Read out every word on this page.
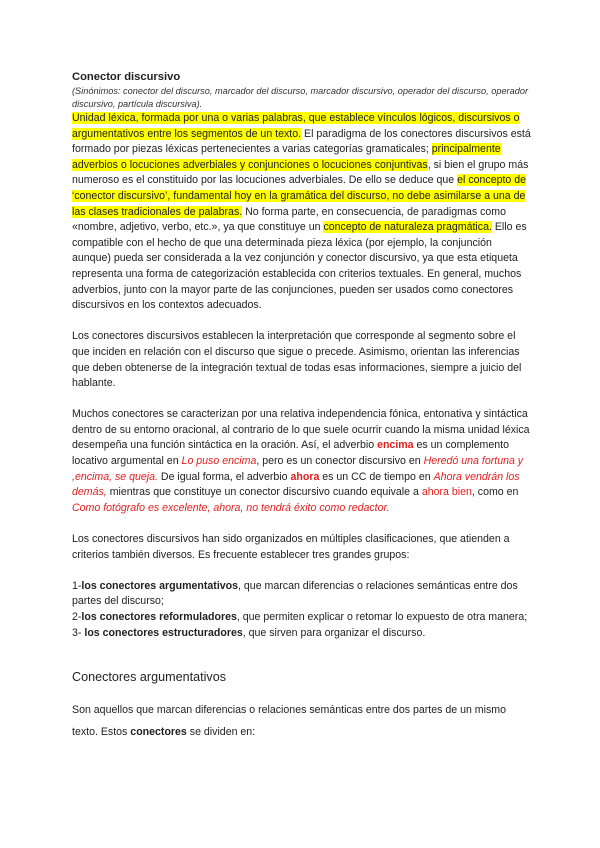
Conector discursivo

(Sinónimos: conector del discurso, marcador del discurso, marcador discursivo, operador del discurso, operador discursivo, partícula discursiva).

Unidad léxica, formada por una o varias palabras, que establece vínculos lógicos, discursivos o argumentativos entre los segmentos de un texto. El paradigma de los conectores discursivos está formado por piezas léxicas pertenecientes a varias categorías gramaticales; principalmente adverbios o locuciones adverbiales y conjunciones o locuciones conjuntivas, si bien el grupo más numeroso es el constituido por las locuciones adverbiales. De ello se deduce que el concepto de ‘conector discursivo’, fundamental hoy en la gramática del discurso, no debe asimilarse a una de las clases tradicionales de palabras. No forma parte, en consecuencia, de paradigmas como «nombre, adjetivo, verbo, etc.», ya que constituye un concepto de naturaleza pragmática. Ello es compatible con el hecho de que una determinada pieza léxica (por ejemplo, la conjunción aunque) pueda ser considerada a la vez conjunción y conector discursivo, ya que esta etiqueta representa una forma de categorización establecida con criterios textuales. En general, muchos adverbios, junto con la mayor parte de las conjunciones, pueden ser usados como conectores discursivos en los contextos adecuados.

Los conectores discursivos establecen la interpretación que corresponde al segmento sobre el que inciden en relación con el discurso que sigue o precede. Asimismo, orientan las inferencias que deben obtenerse de la integración textual de todas esas informaciones, siempre a juicio del hablante.

Muchos conectores se caracterizan por una relativa independencia fónica, entonativa y sintáctica dentro de su entorno oracional, al contrario de lo que suele ocurrir cuando la misma unidad léxica desempeña una función sintáctica en la oración. Así, el adverbio encima es un complemento locativo argumental en Lo puso encima, pero es un conector discursivo en Heredó una fortuna y ,encima, se queja. De igual forma, el adverbio ahora es un CC de tiempo en Ahora vendrán los demás, mientras que constituye un conector discursivo cuando equivale a ahora bien, como en Como fotógrafo es excelente, ahora, no tendrá éxito como redactor.

Los conectores discursivos han sido organizados en múltiples clasificaciones, que atienden a criterios también diversos. Es frecuente establecer tres grandes grupos:

1-los conectores argumentativos, que marcan diferencias o relaciones semánticas entre dos partes del discurso;

2-los conectores reformuladores, que permiten explicar o retomar lo expuesto de otra manera;

3- los conectores estructuradores, que sirven para organizar el discurso.

Conectores argumentativos

Son aquellos que marcan diferencias o relaciones semánticas entre dos partes de un mismo texto. Estos conectores se dividen en:
